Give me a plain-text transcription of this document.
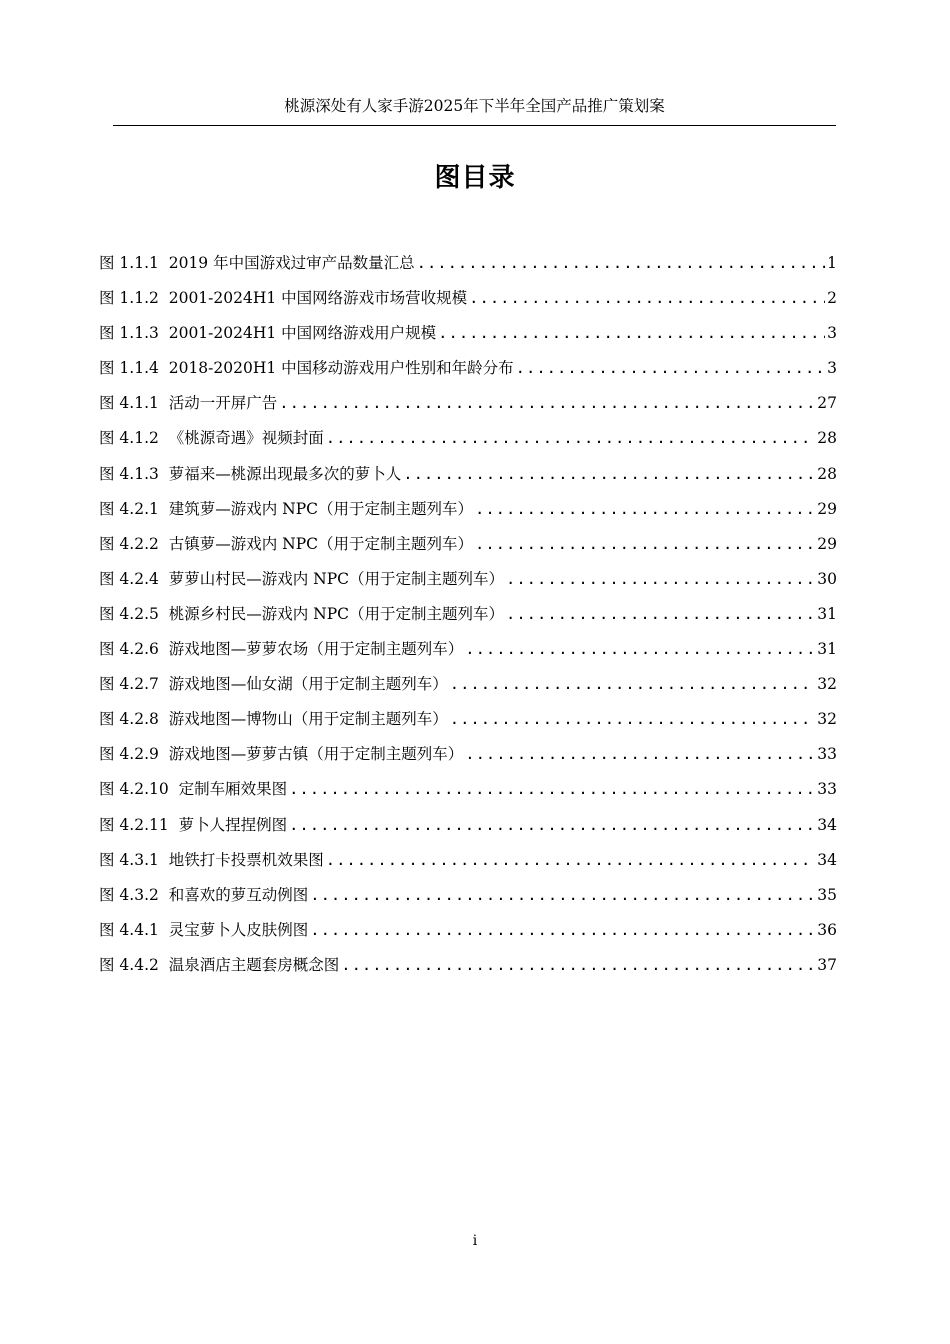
桃源深处有人家手游2025年下半年全国产品推广策划案
图目录
图 1.1.1  2019 年中国游戏过审产品数量汇总 .....	1
图 1.1.2  2001-2024H1 中国网络游戏市场营收规模 .....	2
图 1.1.3  2001-2024H1 中国网络游戏用户规模 .....	3
图 1.1.4  2018-2020H1 中国移动游戏用户性别和年龄分布 .....	3
图 4.1.1  活动一开屏广告 .....	27
图 4.1.2  《桃源奇遇》视频封面 .....	28
图 4.1.3  萝福来—桃源出现最多次的萝卜人 .....	28
图 4.2.1  建筑萝—游戏内 NPC（用于定制主题列车） .....	29
图 4.2.2  古镇萝—游戏内 NPC（用于定制主题列车） .....	29
图 4.2.4  萝萝山村民—游戏内 NPC（用于定制主题列车） .....	30
图 4.2.5  桃源乡村民—游戏内 NPC（用于定制主题列车） .....	31
图 4.2.6  游戏地图—萝萝农场（用于定制主题列车） .....	31
图 4.2.7  游戏地图—仙女湖（用于定制主题列车） .....	32
图 4.2.8  游戏地图—博物山（用于定制主题列车） .....	32
图 4.2.9  游戏地图—萝萝古镇（用于定制主题列车） .....	33
图 4.2.10  定制车厢效果图 .....	33
图 4.2.11  萝卜人捏捏例图 .....	34
图 4.3.1  地铁打卡投票机效果图 .....	34
图 4.3.2  和喜欢的萝互动例图 .....	35
图 4.4.1  灵宝萝卜人皮肤例图 .....	36
图 4.4.2  温泉酒店主题套房概念图 .....	37
i
